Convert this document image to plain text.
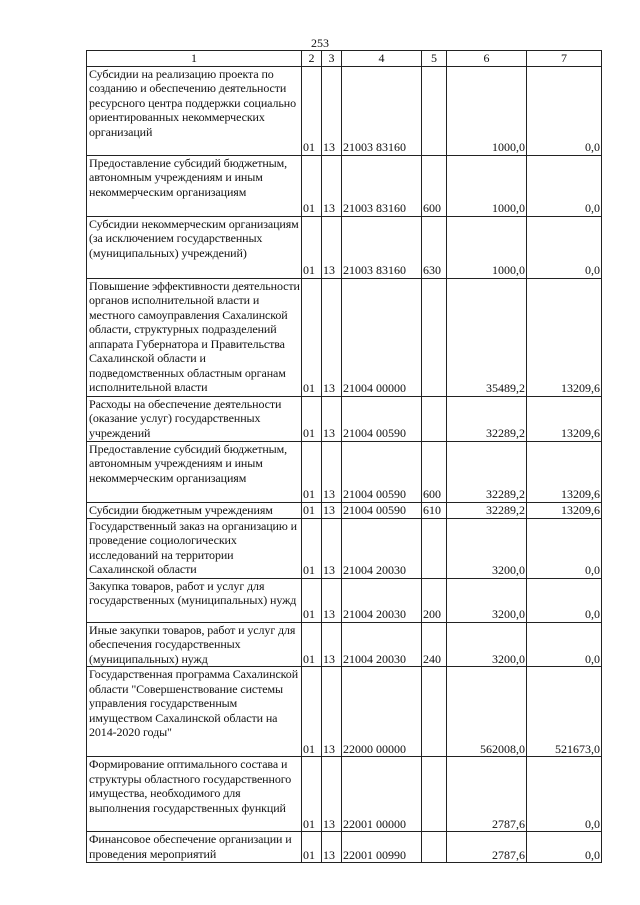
253
1	2	3	4	5	6	7
Субсидии на реализацию проекта по созданию и обеспечению деятельности ресурсного центра поддержки социально ориентированных некоммерческих организаций	01	13	21003 83160		1000,0	0,0
Предоставление субсидий бюджетным, автономным учреждениям и иным некоммерческим организациям	01	13	21003 83160	600	1000,0	0,0
Субсидии некоммерческим организациям (за исключением государственных (муниципальных) учреждений)	01	13	21003 83160	630	1000,0	0,0
Повышение эффективности деятельности органов исполнительной власти и местного самоуправления Сахалинской области, структурных подразделений аппарата Губернатора и Правительства Сахалинской области и подведомственных областным органам исполнительной власти	01	13	21004 00000		35489,2	13209,6
Расходы на обеспечение деятельности (оказание услуг) государственных учреждений	01	13	21004 00590		32289,2	13209,6
Предоставление субсидий бюджетным, автономным учреждениям и иным некоммерческим организациям	01	13	21004 00590	600	32289,2	13209,6
Субсидии бюджетным учреждениям	01	13	21004 00590	610	32289,2	13209,6
Государственный заказ на организацию и проведение социологических исследований на территории Сахалинской области	01	13	21004 20030		3200,0	0,0
Закупка товаров, работ и услуг для государственных (муниципальных) нужд	01	13	21004 20030	200	3200,0	0,0
Иные закупки товаров, работ и услуг для обеспечения государственных (муниципальных) нужд	01	13	21004 20030	240	3200,0	0,0
Государственная программа Сахалинской области "Совершенствование системы управления государственным имуществом Сахалинской области на 2014-2020 годы"	01	13	22000 00000		562008,0	521673,0
Формирование оптимального состава и структуры областного государственного имущества, необходимого для выполнения государственных функций	01	13	22001 00000		2787,6	0,0
Финансовое обеспечение организации и проведения мероприятий	01	13	22001 00990		2787,6	0,0
